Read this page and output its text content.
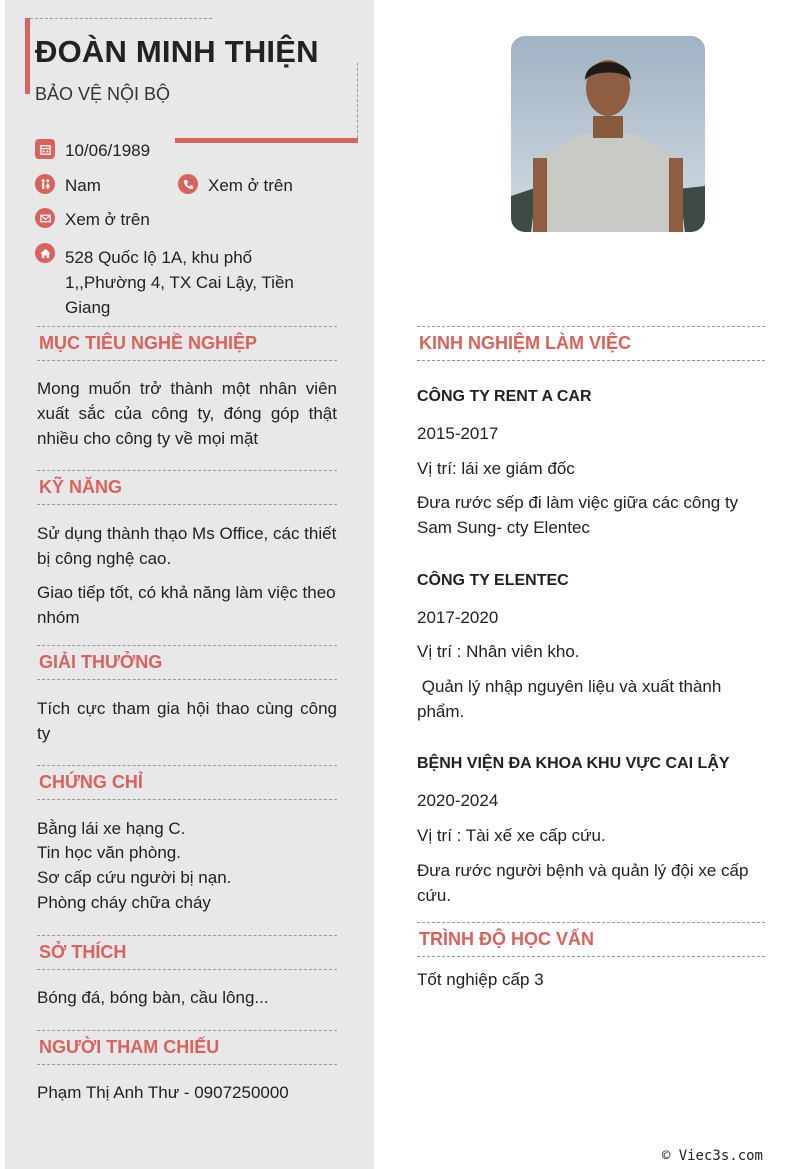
ĐOÀN MINH THIỆN
BẢO VỆ NỘI BỘ
10/06/1989
Nam	Xem ở trên
Xem ở trên
528 Quốc lộ 1A, khu phố 1,,Phường 4, TX Cai Lậy, Tiền Giang
MỤC TIÊU NGHỀ NGHIỆP
Mong muốn trở thành một nhân viên xuất sắc của công ty, đóng góp thật nhiều cho công ty về mọi mặt
KỸ NĂNG
Sử dụng thành thạo Ms Office, các thiết bị công nghệ cao.
Giao tiếp tốt, có khả năng làm việc theo nhóm
GIẢI THƯỞNG
Tích cực tham gia hội thao cùng công ty
CHỨNG CHỈ
Bằng lái xe hạng C.
Tin học văn phòng.
Sơ cấp cứu người bị nạn.
Phòng cháy chữa cháy
SỞ THÍCH
Bóng đá, bóng bàn, cầu lông...
NGƯỜI THAM CHIẾU
Phạm Thị Anh Thư - 0907250000
KINH NGHIỆM LÀM VIỆC
CÔNG TY RENT A CAR
2015-2017
Vị trí: lái xe giám đốc
Đưa rước sếp đi làm việc giữa các công ty Sam Sung- cty Elentec
CÔNG TY ELENTEC
2017-2020
Vị trí : Nhân viên kho.
Quản lý nhập nguyên liệu và xuất thành phẩm.
BỆNH VIỆN ĐA KHOA KHU VỰC CAI LẬY
2020-2024
Vị trí : Tài xế xe cấp cứu.
Đưa rước người bệnh và quản lý đội xe cấp cứu.
TRÌNH ĐỘ HỌC VẤN
Tốt nghiệp cấp 3
© Viec3s.com
